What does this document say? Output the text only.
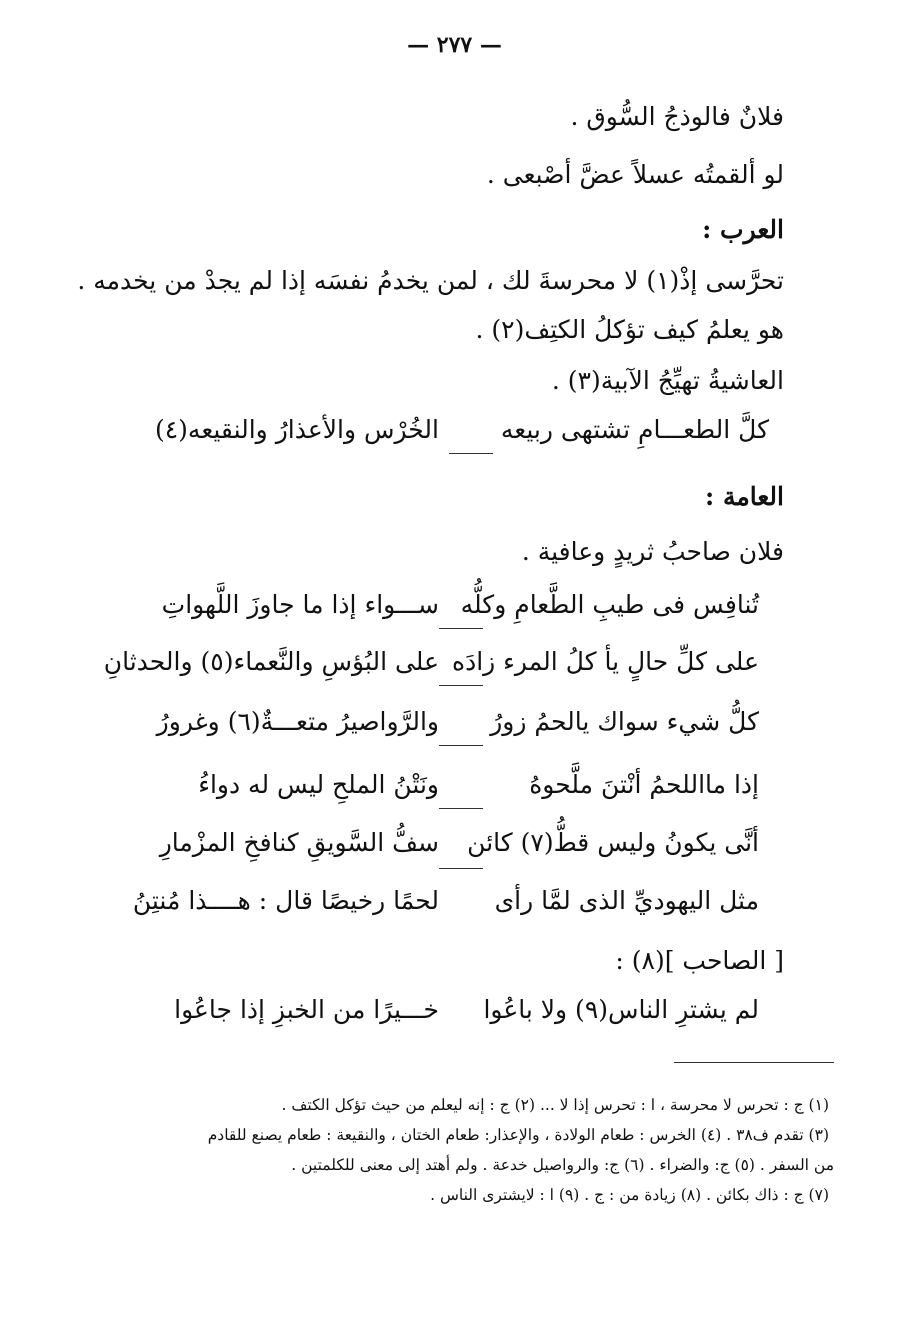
— ٢٧٧ —
فلانٌ فالوذجُ السُّوق .
لو ألقمتُه عسلاً عضَّ أصْبعى .
العرب :
تحرَّسى إذْ(١) لا محرسةَ لك ، لمن يخدمُ نفسَه إذا لم يجدْ من يخدمه .
هو يعلمُ كيف تؤكلُ الكتِف(٢) .
العاشيةُ تهيِّجُ الآبية(٣) .
كلَّ الطعـــامِ تشتهى ربيعه
الخُرْس والأعذارُ والنقيعه(٤)
العامة :
فلان صاحبُ ثريدٍ وعافية .
تُنافِس فى طيبِ الطَّعامِ وكلُّه
ســـواء إذا ما جاوزَ اللَّهواتِ
على كلِّ حالٍ يأ كلُ المرء زادَه
على البُؤسِ والنَّعماء(٥) والحدثانِ
كلُّ شيء سواك يالحمُ زورُ
والرَّواصيرُ متعـــةٌ(٦) وغرورُ
إذا مااللحمُ أنْتنَ ملَّحوهُ
ونَتْنُ الملحِ ليس له دواءُ
أنَّى يكونُ وليس قطُّ(٧) كائن
سفُّ السَّويقِ كنافخِ المزْمارِ
مثل اليهوديِّ الذى لمَّا رأى
لحمًا رخيصًا قال : هــــذا مُنتِنُ
[ الصاحب ](٨) :
لم يشترِ الناس(٩) ولا باعُوا
خـــيرًا من الخبزِ إذا جاعُوا
(١) ج : تحرس لا محرسة ، ا : تحرس إذا لا ... (٢) ج : إنه ليعلم من حيث تؤكل الكتف .
(٣) تقدم ف٣٨ . (٤) الخرس : طعام الولادة ، والإعذار: طعام الختان ، والنقيعة : طعام يصنع للقادم
من السفر . (٥) ج: والضراء . (٦) ج: والرواصيل خدعة . ولم أهتد إلى معنى للكلمتين .
(٧) ج : ذاك بكائن . (٨) زيادة من : ج . (٩) ا : لايشترى الناس .
